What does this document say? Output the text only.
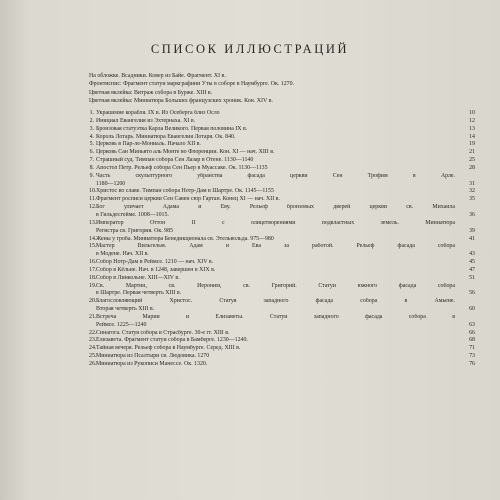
СПИСОК ИЛЛЮСТРАЦИЙ
На обложке. Всадники. Ковер из Байе. Фрагмент. XI в.
Фронтиспис: Фрагмент статуи маркграфини Уты в соборе в Наумбурге. Ок. 1270.
Цветная вклейка: Витраж собора в Бурже. XIII в.
Цветная вклейка: Миниатюра Больших французских хроник. Кон. XIV в.
1. Украшение корабля. IX в. Из Осеберга близ Осло	10
2. Инициал Евангелия из Эхтернаха. XI в.	12
3. Бронзовая статуэтка Карла Великого. Первая половина IX в.	13
4. Король Лотарь. Миниатюра Евангелия Лотаря. Ок. 840.	14
5. Церковь в Пар-ле-Мониаль. Начало XII в.	19
6. Церковь Сан Миньято аль Монте во Флоренции. Кон. XI — нач. XIII в.	21
7. Страшный суд. Тимпан собора Сен Лазар в Отене. 1130—1140	25
8. Апостол Петр. Рельеф собора Сен Пьер в Муассаке. Ок. 1130—1135	28
9. Часть скульптурного убранства фасада церкви Сен Трофим в Арле.
1180—1200	31
10. Христос во славе. Тимпан собора Нотр-Дам в Шартре. Ок. 1145—1155	32
11. Фрагмент росписи церкви Сен Савен сюр Гартан. Конец XI — нач. XII в.	35
12. Бог уличает Адама и Еву. Рельеф бронзовых дверей церкви св. Михаила
в Гильдесгейме. 1008—1015.	36
13. Император Оттон II с олицетворениями подвластных земель. Миниатюра
Регистра св. Григория. Ок. 985	39
14. Жены у гроба. Миниатюра Бенедикционала св. Этельвольда. 975—980	41
15. Мастер Вильгельм. Адам и Ева за работой. Рельеф фасада собора
в Модене. Нач. XII в.	43
16. Собор Нотр-Дам в Реймсе. 1210 — нач. XIV в.	45
17. Собор в Кёльне. Нач. в 1248, завершен в XIX в.	47
18. Собор в Линкольне. XIII—XIV в.	51
19. Св. Мартин, св. Иероним, св. Григорий. Статуи южного фасада собора
в Шартре. Первая четверть XIII в.	56
20. Благословляющий Христос. Статуя западного фасада собора в Амьене.
Вторая четверть XIII в.	60
21. Встреча Марии и Елизаветы. Статуи западного фасада собора в
Реймсе. 1225—1240	63
22. Синагога. Статуя собора в Страсбурге. 30-е гг. XIII в.	66
23. Елизавета. Фрагмент статуи собора в Бамберге. 1230—1240.	68
24. Тайная вечеря. Рельеф собора в Наумбурге. Серед. XIII в.	71
25. Миниатюра из Псалтыри св. Людовика. 1270	73
26. Миниатюра из Рукописи Манессе. Ок. 1320.	76
